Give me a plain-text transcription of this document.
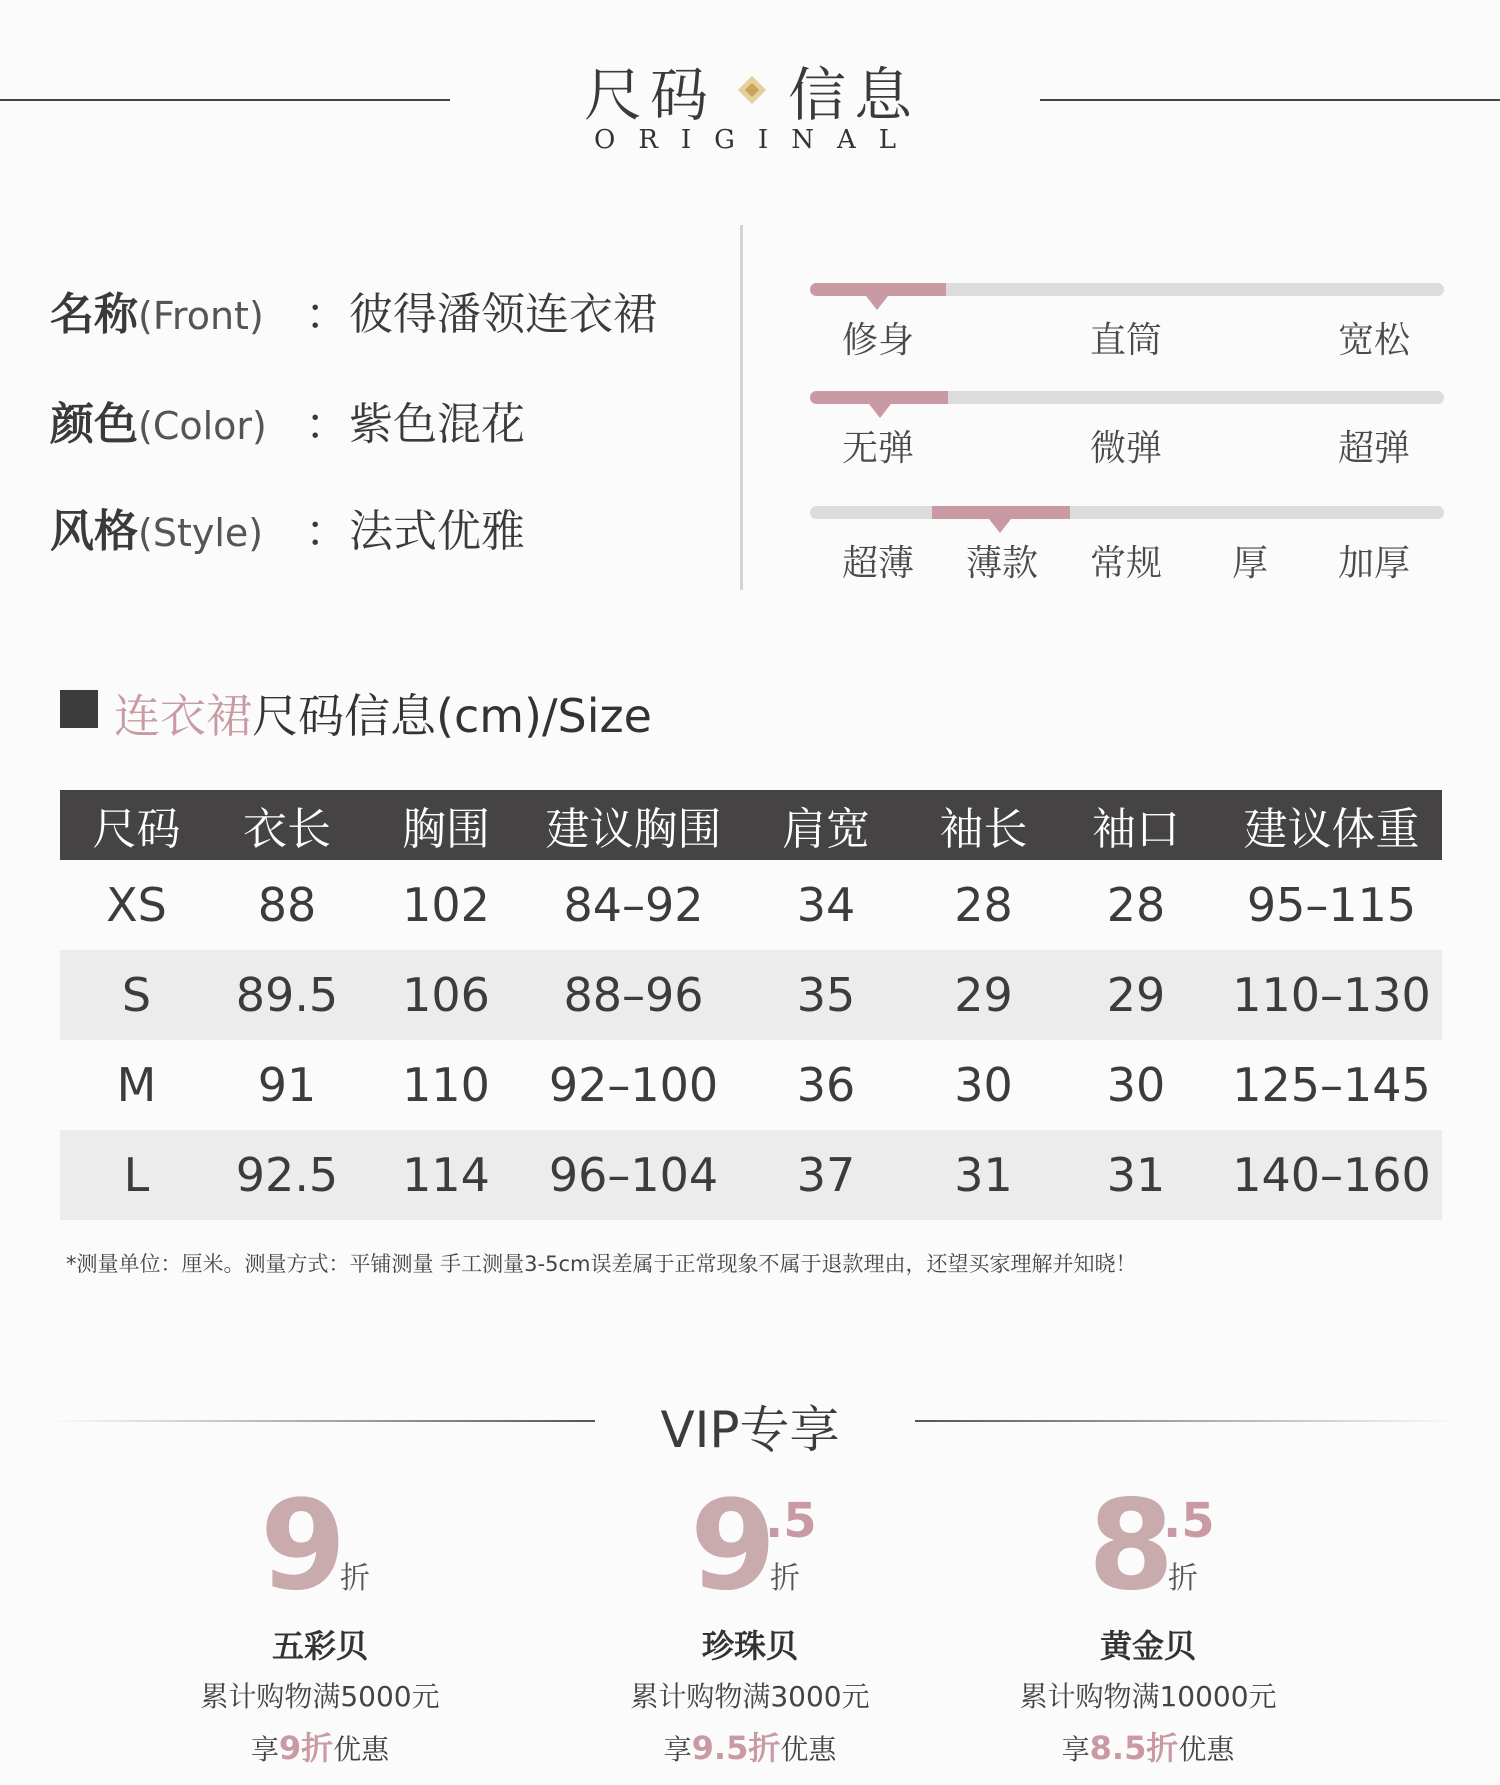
尺码 信息
ORIGINAL
名称(Front) ：彼得潘领连衣裙
颜色(Color) ：紫色混花
风格(Style) ：法式优雅
修身	直筒	宽松
无弹	微弹	超弹
超薄 薄款 常规 厚 加厚
连衣裙尺码信息(cm)/Size
尺码	衣长	胸围	建议胸围	肩宽	袖长	袖口	建议体重
XS	88	102	84–92	34	28	28	95–115
S	89.5	106	88–96	35	29	29	110–130
M	91	110	92–100	36	30	30	125–145
L	92.5	114	96–104	37	31	31	140–160
*测量单位：厘米。测量方式：平铺测量 手工测量3-5cm误差属于正常现象不属于退款理由，还望买家理解并知晓！
VIP专享
9
折
五彩贝
累计购物满5000元
享9折优惠
9
.5
折
珍珠贝
累计购物满3000元
享9.5折优惠
8
.5
折
黄金贝
累计购物满10000元
享8.5折优惠
